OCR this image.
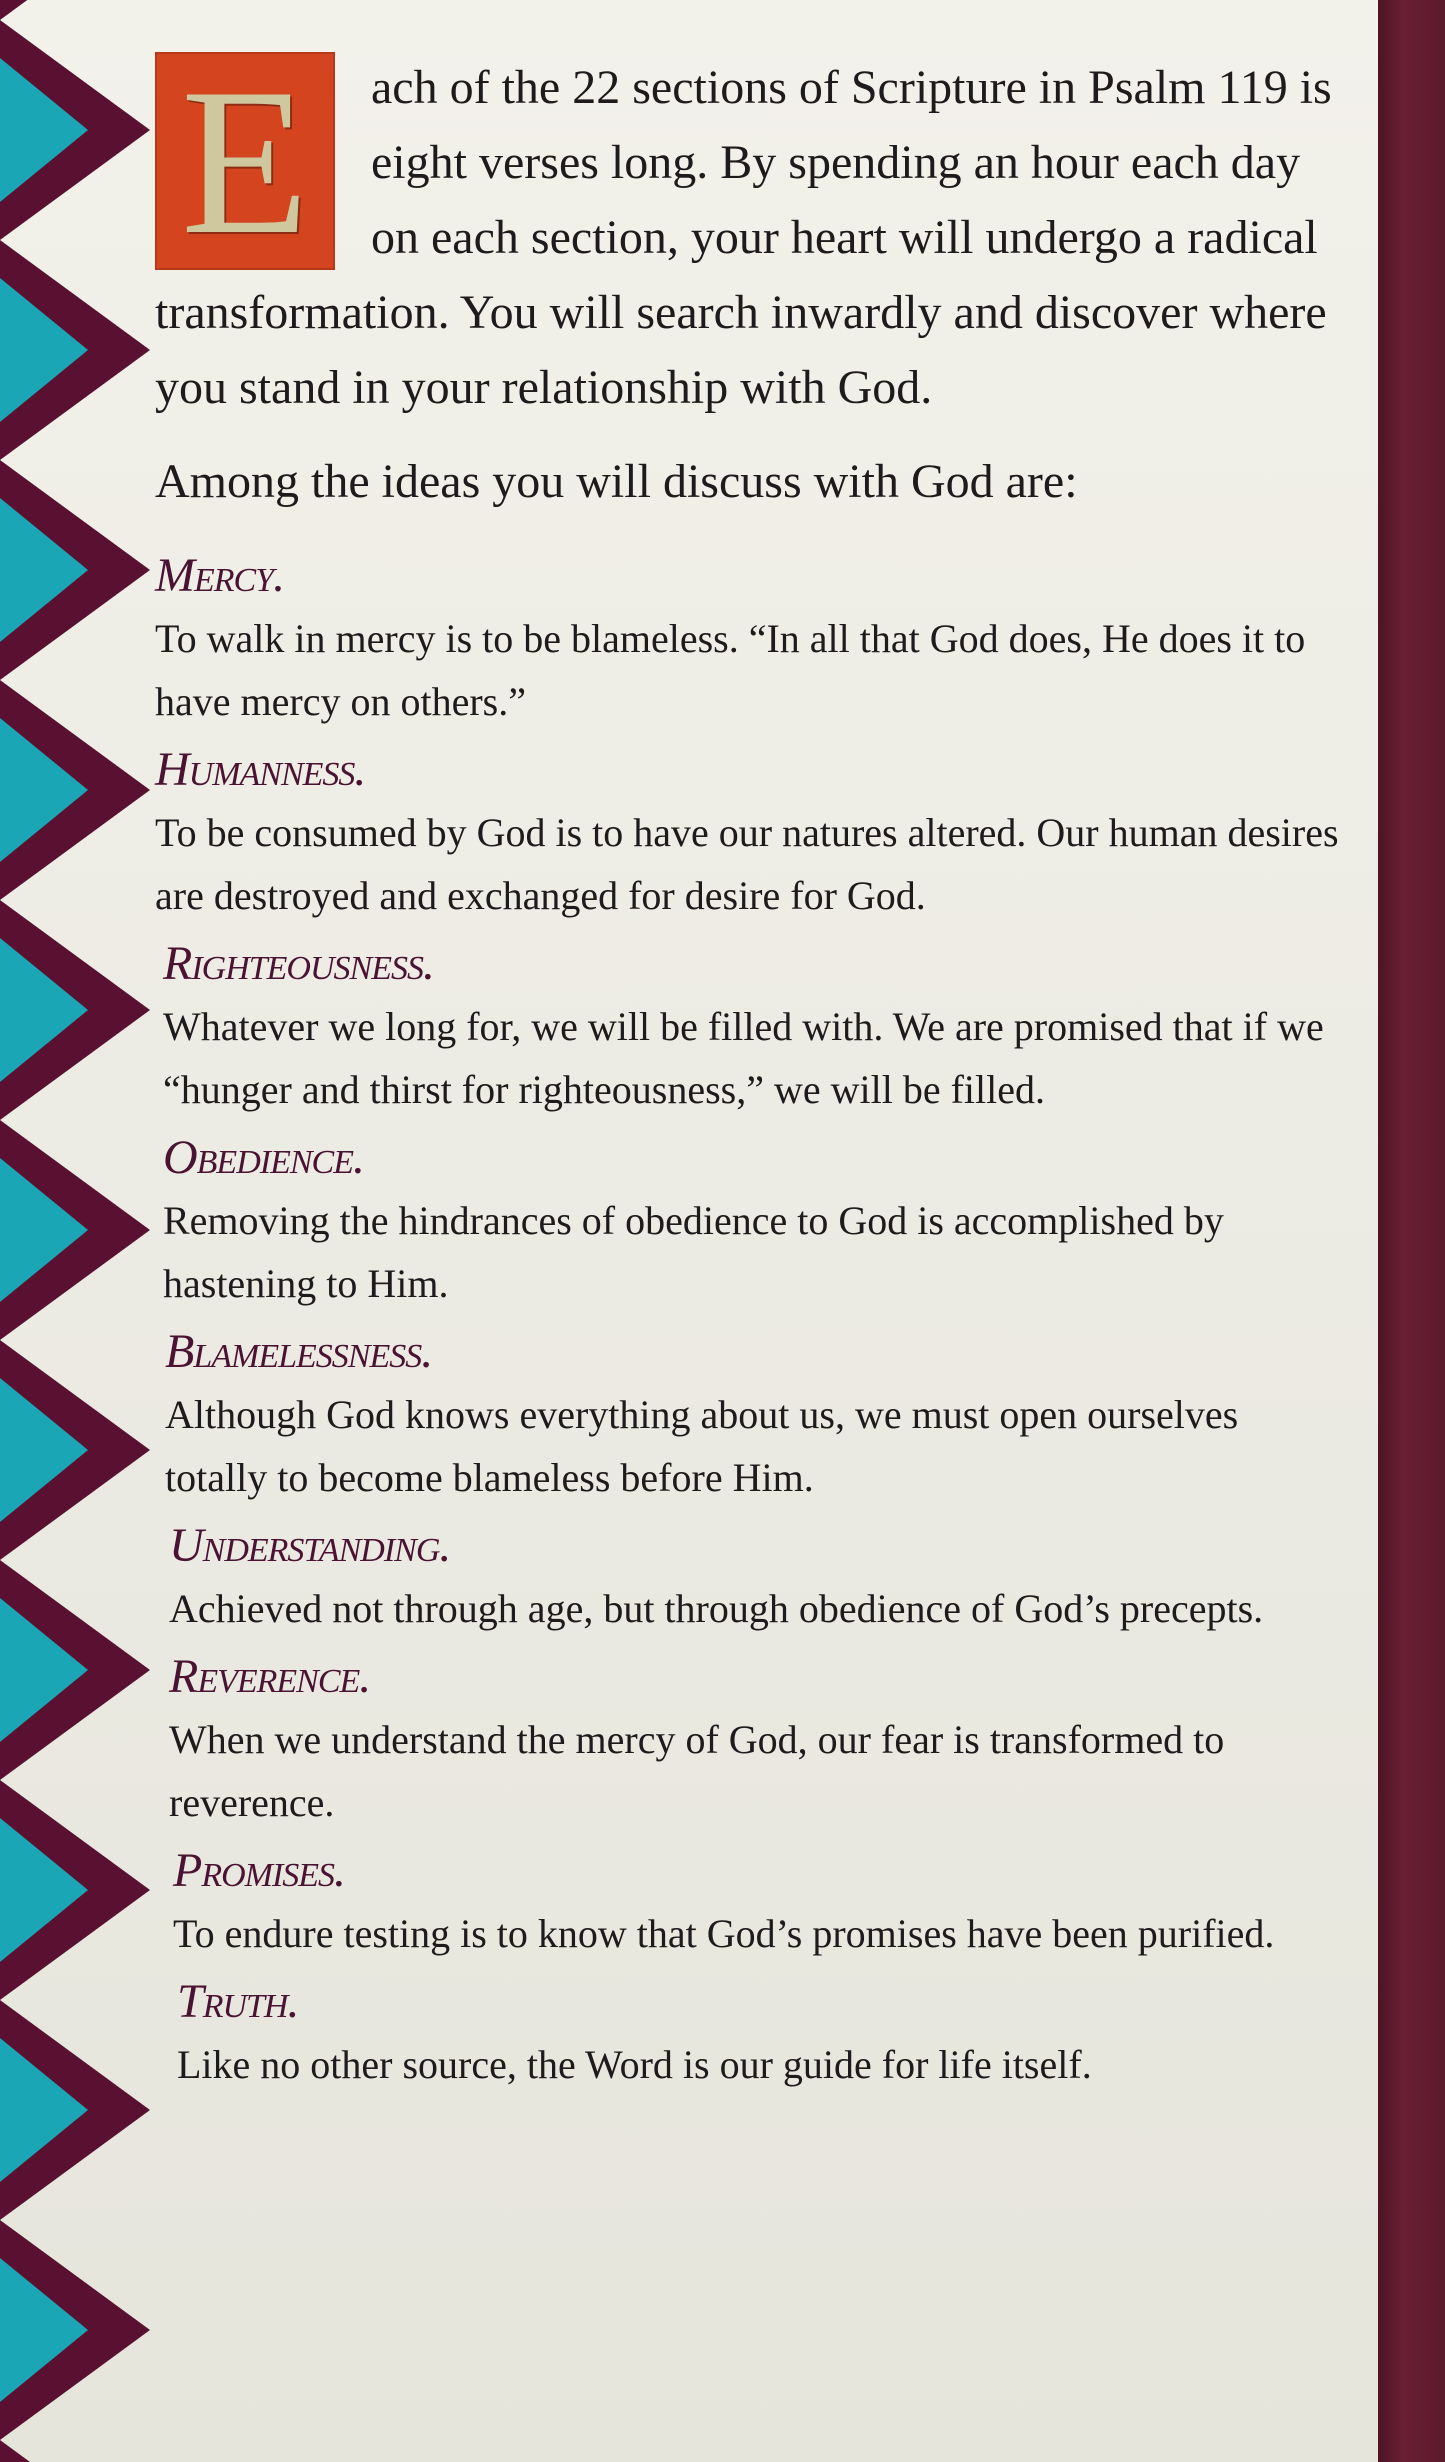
E	ach of the 22 sections of Scripture in Psalm 119 is eight verses long. By spending an hour each day on each section, your heart will undergo a radical transformation. You will search inwardly and discover where you stand in your relationship with God.
Among the ideas you will discuss with God are:
Mercy.
To walk in mercy is to be blameless. “In all that God does, He does it to have mercy on others.”
Humanness.
To be consumed by God is to have our natures altered. Our human desires are destroyed and exchanged for desire for God.
Righteousness.
Whatever we long for, we will be filled with. We are promised that if we “hunger and thirst for righteousness,” we will be filled.
Obedience.
Removing the hindrances of obedience to God is accomplished by hastening to Him.
Blamelessness.
Although God knows everything about us, we must open ourselves totally to become blameless before Him.
Understanding.
Achieved not through age, but through obedience of God’s precepts.
Reverence.
When we understand the mercy of God, our fear is transformed to reverence.
Promises.
To endure testing is to know that God’s promises have been purified.
Truth.
Like no other source, the Word is our guide for life itself.
